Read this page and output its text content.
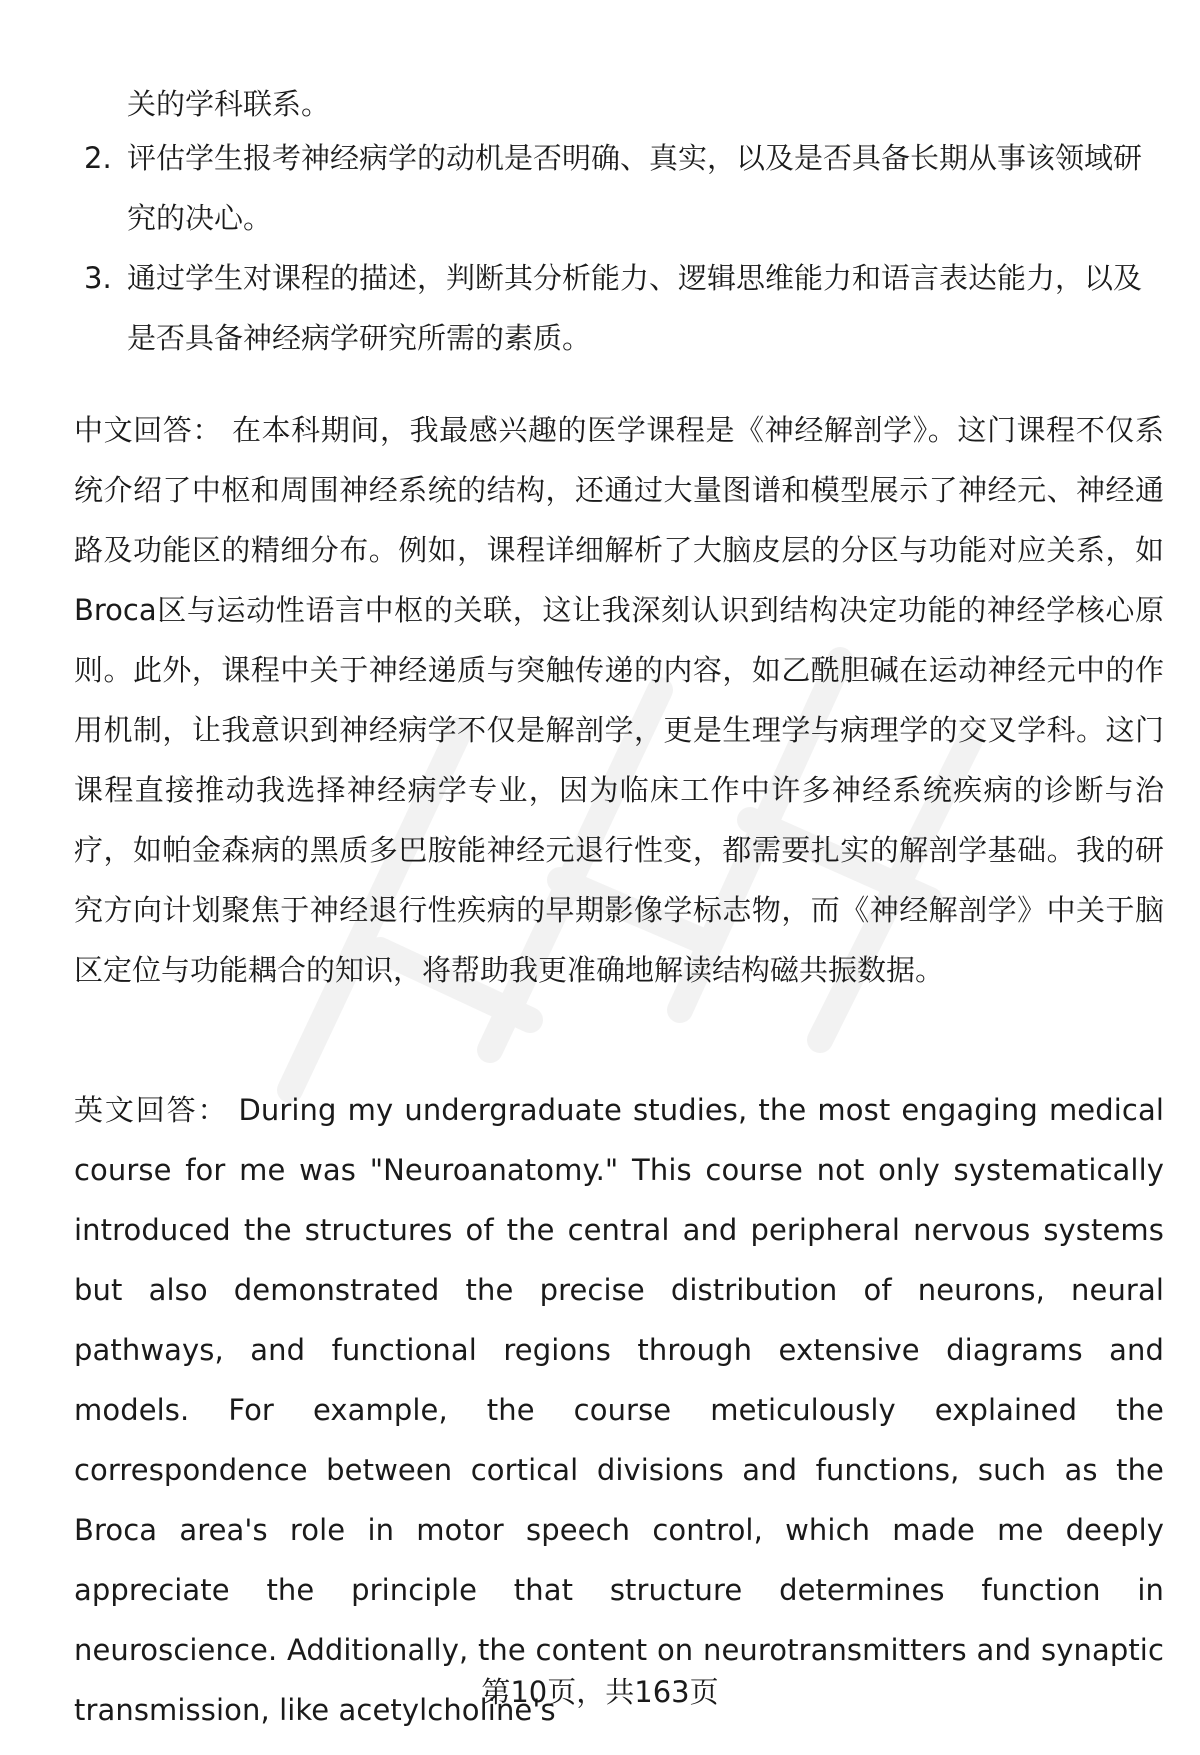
关的学科联系。
2. 评估学生报考神经病学的动机是否明确、真实，以及是否具备长期从事该领域研究的决心。
3. 通过学生对课程的描述，判断其分析能力、逻辑思维能力和语言表达能力，以及是否具备神经病学研究所需的素质。

中文回答： 在本科期间，我最感兴趣的医学课程是《神经解剖学》。这门课程不仅系统介绍了中枢和周围神经系统的结构，还通过大量图谱和模型展示了神经元、神经通路及功能区的精细分布。例如，课程详细解析了大脑皮层的分区与功能对应关系，如Broca区与运动性语言中枢的关联，这让我深刻认识到结构决定功能的神经学核心原则。此外，课程中关于神经递质与突触传递的内容，如乙酰胆碱在运动神经元中的作用机制，让我意识到神经病学不仅是解剖学，更是生理学与病理学的交叉学科。这门课程直接推动我选择神经病学专业，因为临床工作中许多神经系统疾病的诊断与治疗，如帕金森病的黑质多巴胺能神经元退行性变，都需要扎实的解剖学基础。我的研究方向计划聚焦于神经退行性疾病的早期影像学标志物，而《神经解剖学》中关于脑区定位与功能耦合的知识，将帮助我更准确地解读结构磁共振数据。

英文回答： During my undergraduate studies, the most engaging medical course for me was "Neuroanatomy." This course not only systematically introduced the structures of the central and peripheral nervous systems but also demonstrated the precise distribution of neurons, neural pathways, and functional regions through extensive diagrams and models. For example, the course meticulously explained the correspondence between cortical divisions and functions, such as the Broca area's role in motor speech control, which made me deeply appreciate the principle that structure determines function in neuroscience. Additionally, the content on neurotransmitters and synaptic transmission, like acetylcholine's

第10页，共163页
